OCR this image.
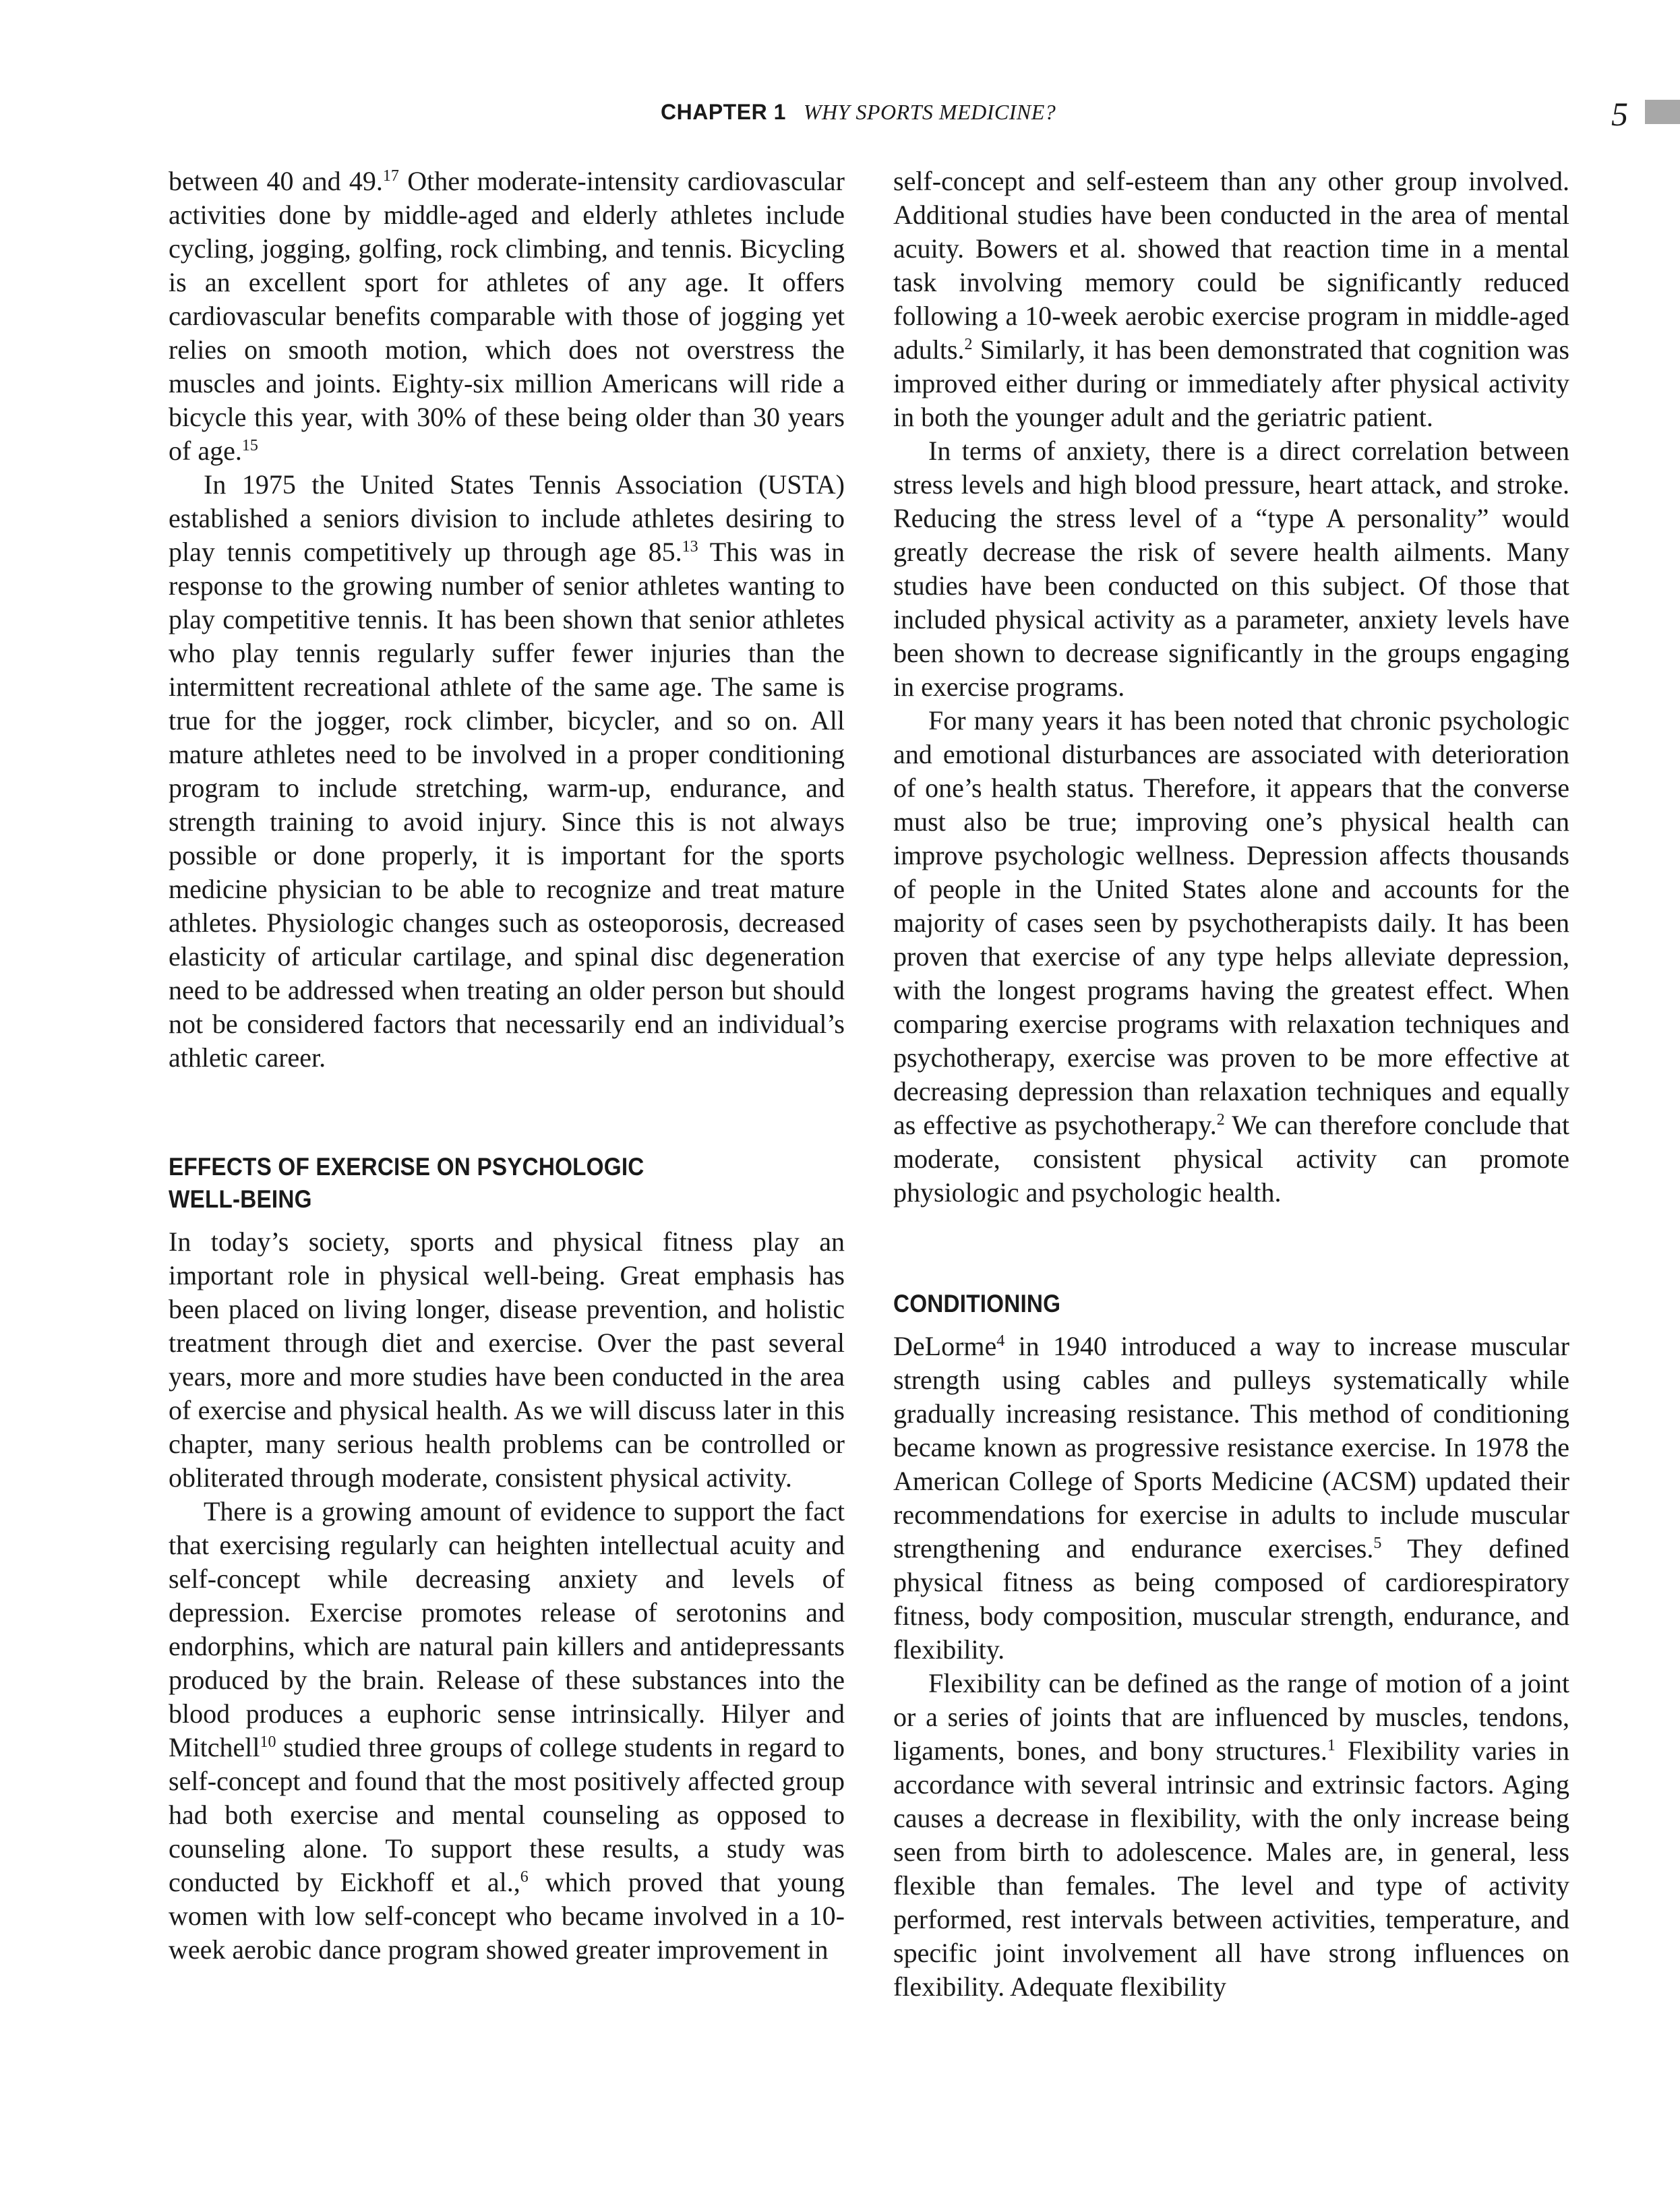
CHAPTER 1 WHY SPORTS MEDICINE?	5

between 40 and 49.17 Other moderate-intensity cardiovascular activities done by middle-aged and elderly athletes include cycling, jogging, golfing, rock climbing, and tennis. Bicycling is an excellent sport for athletes of any age. It offers cardiovascular benefits comparable with those of jogging yet relies on smooth motion, which does not overstress the muscles and joints. Eighty-six million Americans will ride a bicycle this year, with 30% of these being older than 30 years of age.$^{15}$

In 1975 the United States Tennis Association (USTA) established a seniors division to include athletes desiring to play tennis competitively up through age 85.13 This was in response to the growing number of senior athletes wanting to play competitive tennis. It has been shown that senior athletes who play tennis regularly suffer fewer injuries than the intermittent recreational athlete of the same age. The same is true for the jogger, rock climber, bicycler, and so on. All mature athletes need to be involved in a proper conditioning program to include stretching, warm-up, endurance, and strength training to avoid injury. Since this is not always possible or done properly, it is important for the sports medicine physician to be able to recognize and treat mature athletes. Physiologic changes such as osteoporosis, decreased elasticity of articular cartilage, and spinal disc degeneration need to be addressed when treating an older person but should not be considered factors that necessarily end an individual’s athletic career.

EFFECTS OF EXERCISE ON PSYCHOLOGIC
WELL-BEING

In today’s society, sports and physical fitness play an important role in physical well-being. Great emphasis has been placed on living longer, disease prevention, and holistic treatment through diet and exercise. Over the past several years, more and more studies have been conducted in the area of exercise and physical health. As we will discuss later in this chapter, many serious health problems can be controlled or obliterated through moderate, consistent physical activity.

There is a growing amount of evidence to support the fact that exercising regularly can heighten intellectual acuity and self-concept while decreasing anxiety and levels of depression. Exercise promotes release of serotonins and endorphins, which are natural pain killers and antidepressants produced by the brain. Release of these substances into the blood produces a euphoric sense intrinsically. Hilyer and Mitchell$^{10}$ studied three groups of college students in regard to self-concept and found that the most positively affected group had both exercise and mental counseling as opposed to counseling alone. To support these results, a study was conducted by Eickhoff et al.,$^6$ which proved that young women with low self-concept who became involved in a 10-week aerobic dance program showed greater improvement in

self-concept and self-esteem than any other group involved. Additional studies have been conducted in the area of mental acuity. Bowers et al. showed that reaction time in a mental task involving memory could be significantly reduced following a 10-week aerobic exercise program in middle-aged adults.$^2$ Similarly, it has been demonstrated that cognition was improved either during or immediately after physical activity in both the younger adult and the geriatric patient.

In terms of anxiety, there is a direct correlation between stress levels and high blood pressure, heart attack, and stroke. Reducing the stress level of a “type A personality” would greatly decrease the risk of severe health ailments. Many studies have been conducted on this subject. Of those that included physical activity as a parameter, anxiety levels have been shown to decrease significantly in the groups engaging in exercise programs.

For many years it has been noted that chronic psychologic and emotional disturbances are associated with deterioration of one’s health status. Therefore, it appears that the converse must also be true; improving one’s physical health can improve psychologic wellness. Depression affects thousands of people in the United States alone and accounts for the majority of cases seen by psychotherapists daily. It has been proven that exercise of any type helps alleviate depression, with the longest programs having the greatest effect. When comparing exercise programs with relaxation techniques and psychotherapy, exercise was proven to be more effective at decreasing depression than relaxation techniques and equally as effective as psychotherapy.$^2$ We can therefore conclude that moderate, consistent physical activity can promote physiologic and psychologic health.

CONDITIONING

DeLorme$^4$ in 1940 introduced a way to increase muscular strength using cables and pulleys systematically while gradually increasing resistance. This method of conditioning became known as progressive resistance exercise. In 1978 the American College of Sports Medicine (ACSM) updated their recommendations for exercise in adults to include muscular strengthening and endurance exercises.$^5$ They defined physical fitness as being composed of cardiorespiratory fitness, body composition, muscular strength, endurance, and flexibility.

Flexibility can be defined as the range of motion of a joint or a series of joints that are influenced by muscles, tendons, ligaments, bones, and bony structures.$^1$ Flexibility varies in accordance with several intrinsic and extrinsic factors. Aging causes a decrease in flexibility, with the only increase being seen from birth to adolescence. Males are, in general, less flexible than females. The level and type of activity performed, rest intervals between activities, temperature, and specific joint involvement all have strong influences on flexibility. Adequate flexibility
